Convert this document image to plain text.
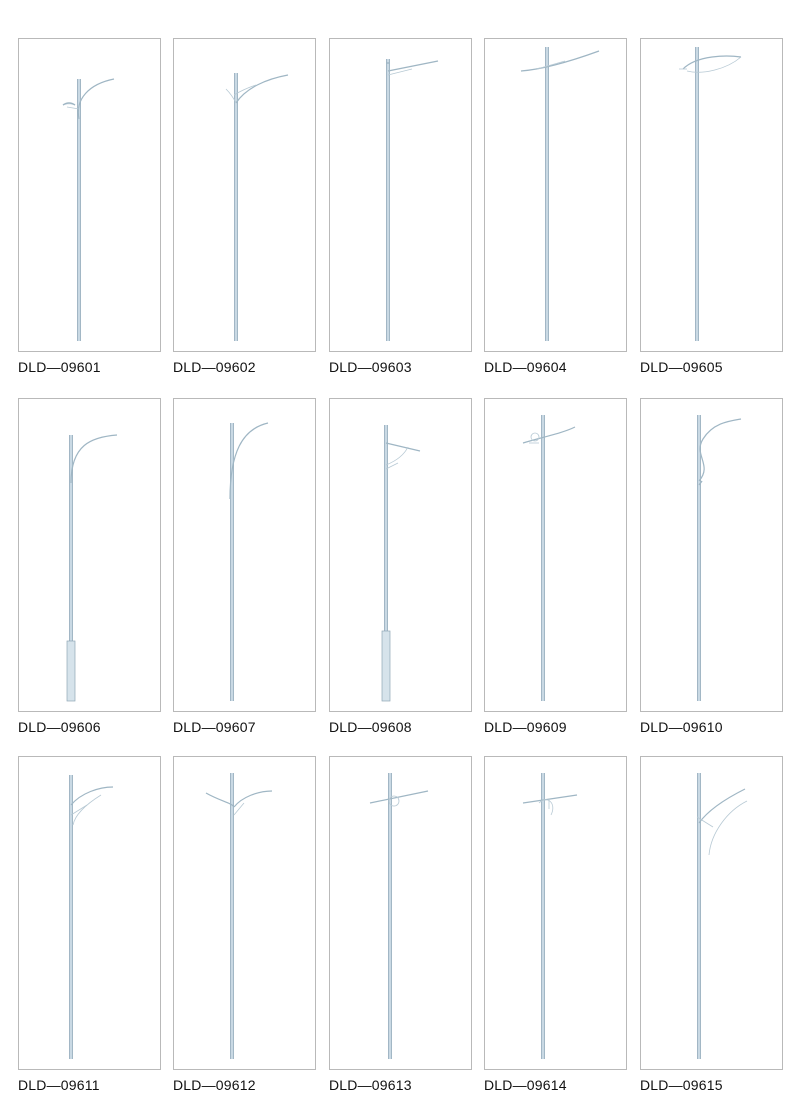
DLD—09601	DLD—09602	DLD—09603	DLD—09604	DLD—09605
DLD—09606	DLD—09607	DLD—09608	DLD—09609	DLD—09610
DLD—09611	DLD—09612	DLD—09613	DLD—09614	DLD—09615
